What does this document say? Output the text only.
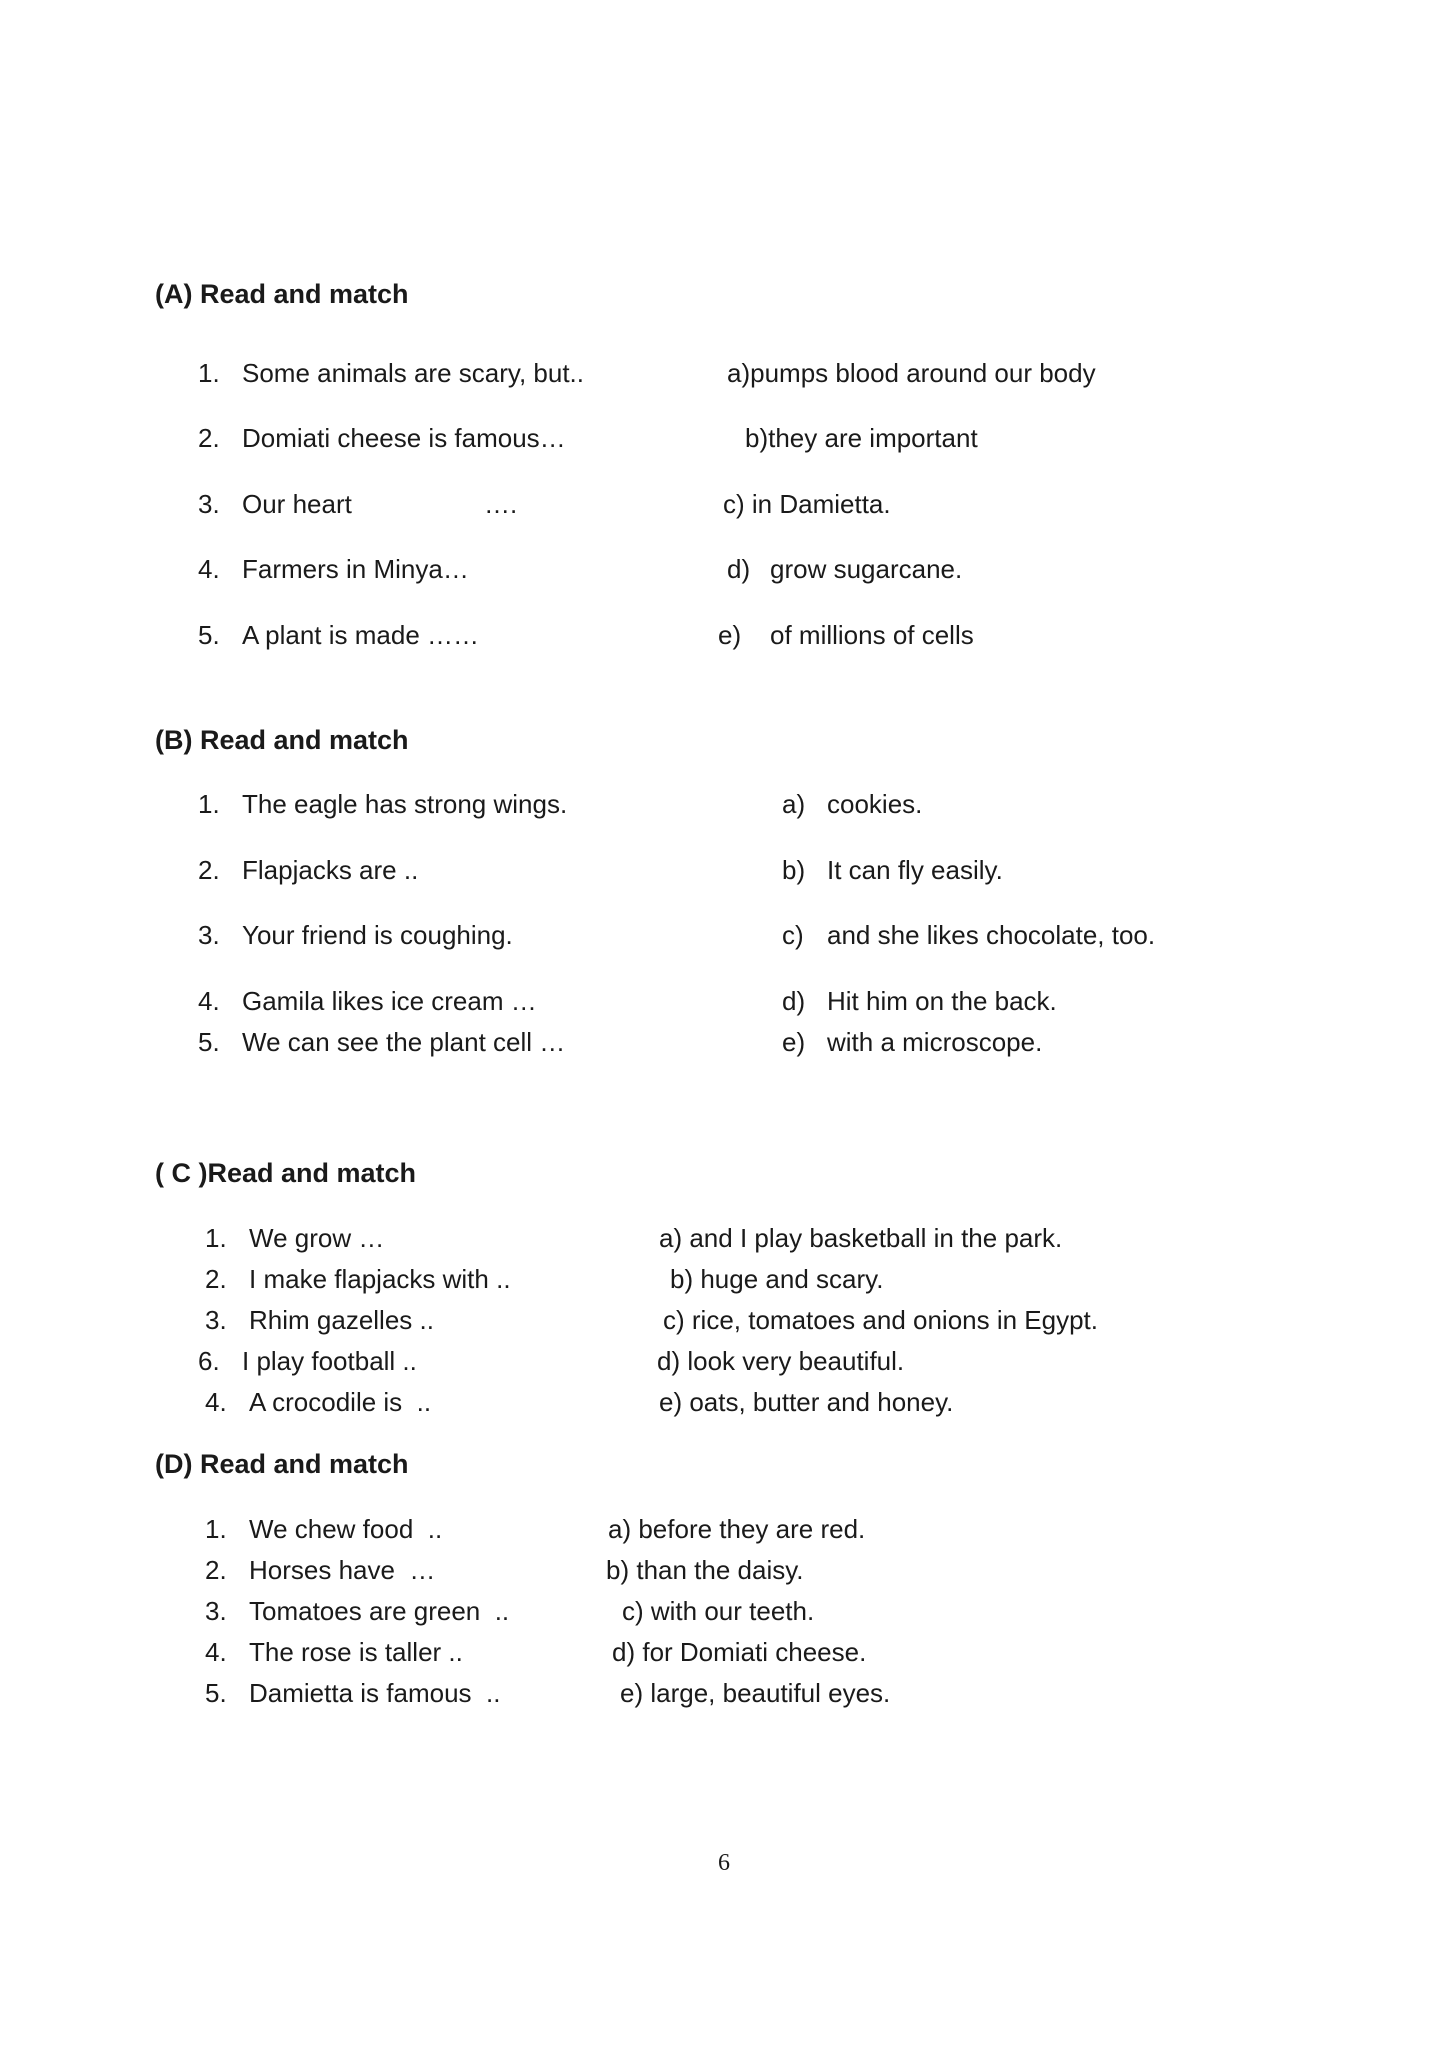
(A) Read and match
1. Some animals are scary, but..	a)pumps blood around our body
2. Domiati cheese is famous…	b)they are important
3. Our heart	….	c) in Damietta.
4. Farmers in Minya…	d) grow sugarcane.
5. A plant is made ……	e) of millions of cells
(B) Read and match
1. The eagle has strong wings.	a) cookies.
2. Flapjacks are ..	b) It can fly easily.
3. Your friend is coughing.	c) and she likes chocolate, too.
4. Gamila likes ice cream …	d) Hit him on the back.
5. We can see the plant cell …	e) with a microscope.
( C )Read and match
1. We grow …	a) and I play basketball in the park.
2. I make flapjacks with ..	b) huge and scary.
3. Rhim gazelles ..	c) rice, tomatoes and onions in Egypt.
6. I play football ..	d) look very beautiful.
4. A crocodile is  ..	e) oats, butter and honey.
(D) Read and match
1. We chew food  ..	a) before they are red.
2. Horses have  …	b) than the daisy.
3. Tomatoes are green  ..	c) with our teeth.
4. The rose is taller ..	d) for Domiati cheese.
5. Damietta is famous  ..	e) large, beautiful eyes.
6
